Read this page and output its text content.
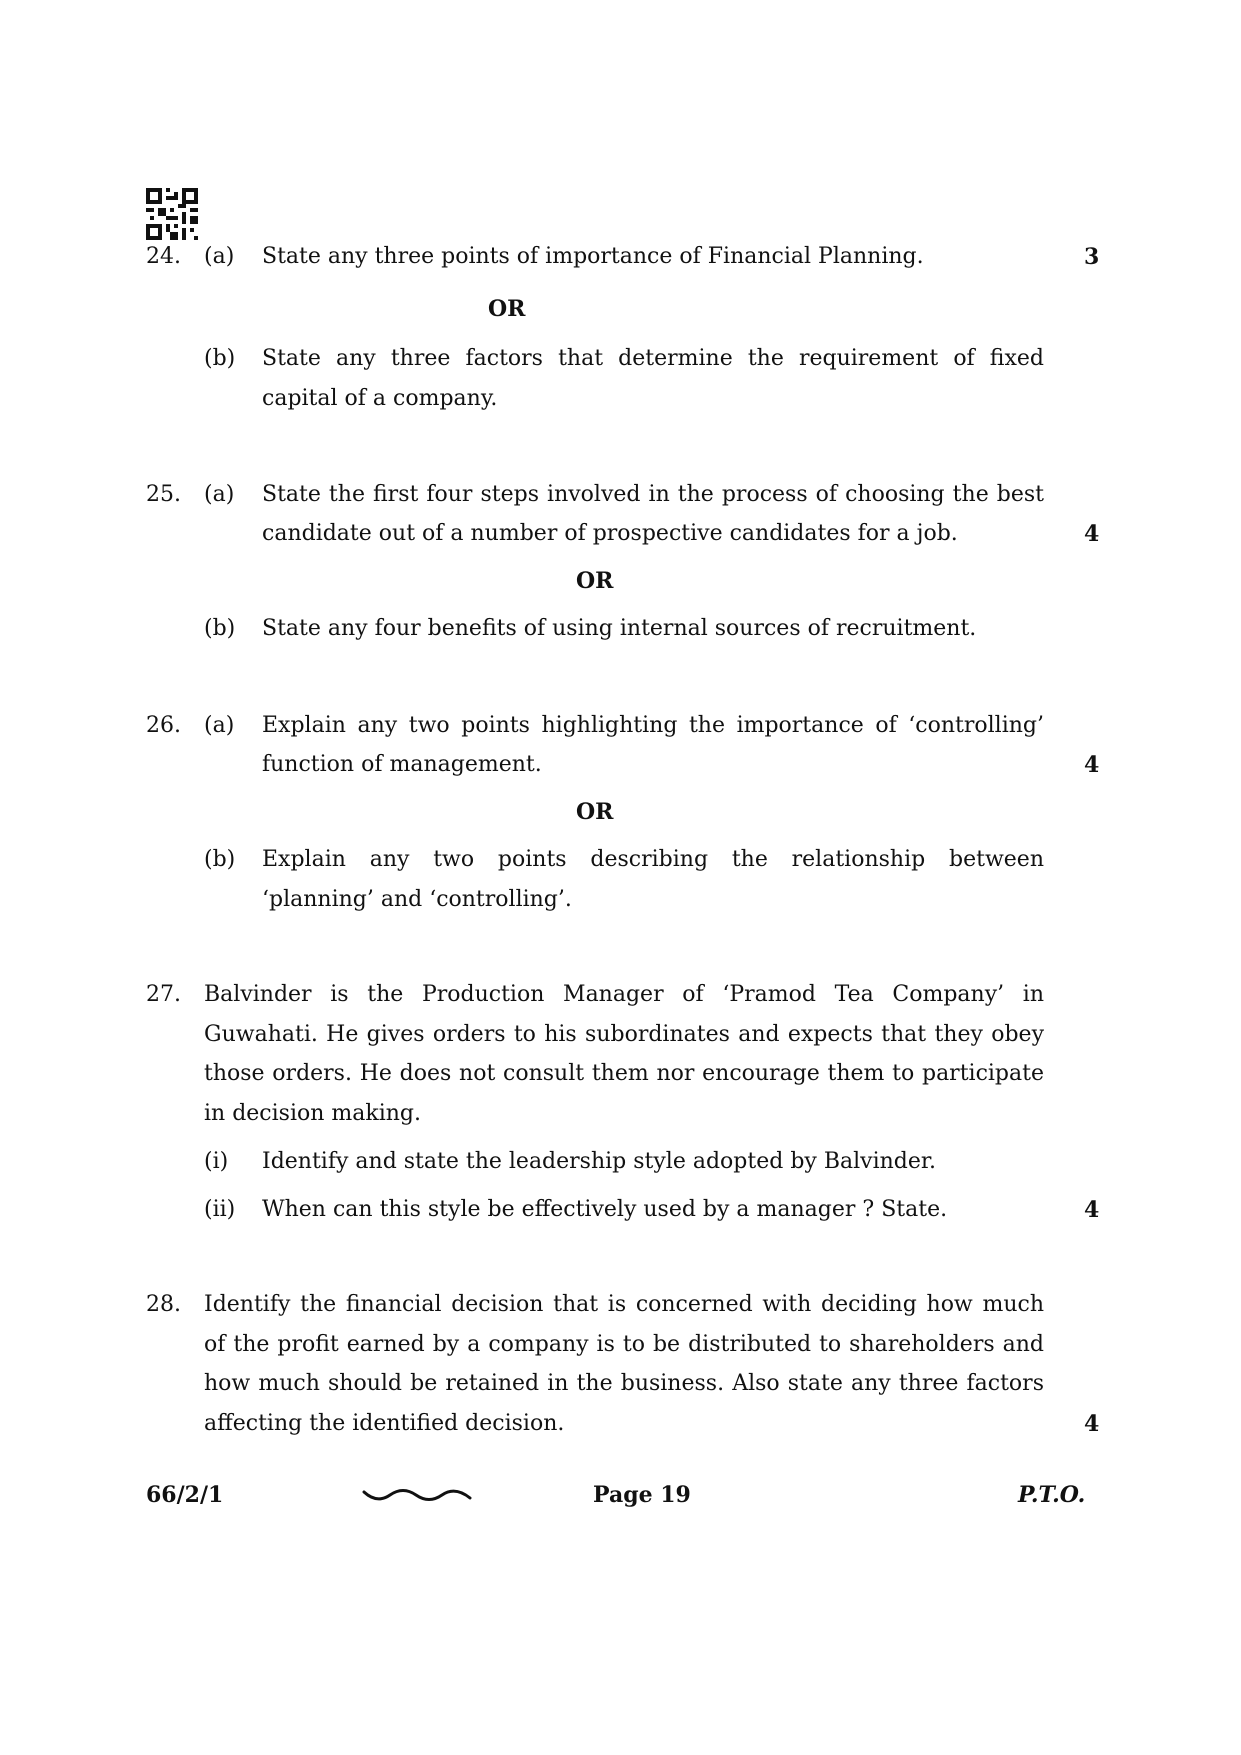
24. (a) State any three points of importance of Financial Planning.	3
OR
(b) State any three factors that determine the requirement of fixed
capital of a company.
25. (a) State the first four steps involved in the process of choosing the best
candidate out of a number of prospective candidates for a job.	4
OR
(b) State any four benefits of using internal sources of recruitment.
26. (a) Explain any two points highlighting the importance of ‘controlling’
function of management.	4
OR
(b) Explain any two points describing the relationship between
‘planning’ and ‘controlling’.
27. Balvinder is the Production Manager of ‘Pramod Tea Company’ in
Guwahati. He gives orders to his subordinates and expects that they obey
those orders. He does not consult them nor encourage them to participate
in decision making.
(i) Identify and state the leadership style adopted by Balvinder.
(ii) When can this style be effectively used by a manager ? State.	4
28. Identify the financial decision that is concerned with deciding how much
of the profit earned by a company is to be distributed to shareholders and
how much should be retained in the business. Also state any three factors
affecting the identified decision.	4
66/2/1	Page 19	P.T.O.
